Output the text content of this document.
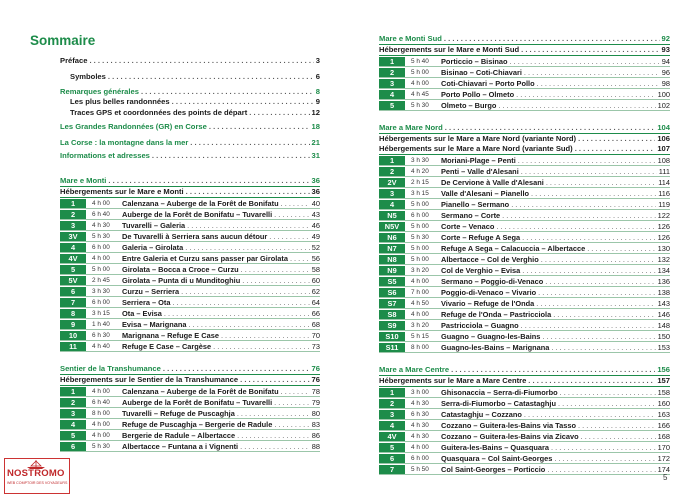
Sommaire
Préface . . .	3
Symboles . . .	6
Remarques générales . . .	8
Les plus belles randonnées . . .	9
Traces GPS et coordonnées des points de départ . . .	12
Les Grandes Randonnées (GR) en Corse . . .	18
La Corse : la montagne dans la mer . . .	21
Informations et adresses . . .	31
Mare e Monti . . .	36
Hébergements sur le Mare e Monti . . .	36
1	4 h 00	Calenzana – Auberge de la Forêt de Bonifatu . . .	40
2	6 h 40	Auberge de la Forêt de Bonifatu – Tuvarelli . . .	43
3	4 h 30	Tuvarelli – Galeria . . .	46
3V	5 h 30	De Tuvarelli à Serriera sans aucun détour . . .	49
4	6 h 00	Galeria – Girolata . . .	52
4V	4 h 00	Entre Galeria et Curzu sans passer par Girolata . . .	56
5	5 h 00	Girolata – Bocca a Croce – Curzu . . .	58
5V	2 h 45	Girolata – Punta di u Munditoghiu . . .	60
6	3 h 30	Curzu – Serriera . . .	62
7	6 h 00	Serriera – Ota . . .	64
8	3 h 15	Ota – Evisa . . .	66
9	1 h 40	Evisa – Marignana . . .	68
10	6 h 30	Marignana – Refuge E Case . . .	70
11	4 h 40	Refuge E Case – Cargèse . . .	73
Sentier de la Transhumance . . .	76
Hébergements sur le Sentier de la Transhumance . . .	76
1	4 h 00	Calenzana – Auberge de la Forêt de Bonifatu . . .	78
2	6 h 40	Auberge de la Forêt de Bonifatu – Tuvarelli . . .	79
3	8 h 00	Tuvarelli – Refuge de Puscaghja . . .	80
4	4 h 00	Refuge de Puscaghja – Bergerie de Radule . . .	83
5	4 h 00	Bergerie de Radule – Albertacce . . .	86
6	5 h 30	Albertacce – Funtana a i Vignenti . . .	88
Mare e Monti Sud . . .	92
Hébergements sur le Mare e Monti Sud . . .	93
1	5 h 40	Porticcio – Bisinao . . .	94
2	5 h 00	Bisinao – Coti-Chiavari . . .	96
3	4 h 00	Coti-Chiavari – Porto Pollo . . .	98
4	4 h 45	Porto Pollo – Olmeto . . .	100
5	5 h 30	Olmeto – Burgo . . .	102
Mare a Mare Nord . . .	104
Hébergements sur le Mare a Mare Nord (variante Nord) . . .	106
Hébergements sur le Mare a Mare Nord (variante Sud) . . .	107
1	3 h 30	Moriani-Plage – Penti . . .	108
2	4 h 20	Penti – Valle d'Alesani . . .	111
2V	2 h 15	De Cervione à Valle d'Alesani . . .	114
3	3 h 15	Valle d'Alesani – Pianello . . .	116
4	5 h 00	Pianello – Sermano . . .	119
N5	6 h 00	Sermano – Corte . . .	122
N5V	5 h 00	Corte – Venaco . . .	126
N6	5 h 30	Corte – Refuge A Sega . . .	126
N7	5 h 00	Refuge A Sega – Calacuccia – Albertacce . . .	130
N8	5 h 00	Albertacce – Col de Verghio . . .	132
N9	3 h 20	Col de Verghio – Evisa . . .	134
S5	4 h 00	Sermano – Poggio-di-Venaco . . .	136
S6	7 h 00	Poggio-di-Venaco – Vivario . . .	138
S7	4 h 50	Vivario – Refuge de l'Onda . . .	143
S8	4 h 00	Refuge de l'Onda – Pastricciola . . .	146
S9	3 h 20	Pastricciola – Guagno . . .	148
S10	5 h 15	Guagno – Guagno-les-Bains . . .	150
S11	8 h 00	Guagno-les-Bains – Marignana . . .	153
Mare a Mare Centre . . .	156
Hébergements sur le Mare a Mare Centre . . .	157
1	3 h 00	Ghisonaccia – Serra-di-Fiumorbo . . .	158
2	4 h 30	Serra-di-Fiumorbo – Catastaghju . . .	160
3	6 h 30	Catastaghju – Cozzano . . .	163
4	4 h 30	Cozzano – Guitera-les-Bains via Tasso . . .	166
4V	4 h 30	Cozzano – Guitera-les-Bains via Zicavo . . .	168
5	4 h 00	Guitera-les-Bains – Quasquara . . .	170
6	6 h 00	Quasquara – Col Saint-Georges . . .	172
7	5 h 50	Col Saint-Georges – Porticcio . . .	174
NOSTROMO
WEB COMPTOIR DES VOYAGEURS
5
